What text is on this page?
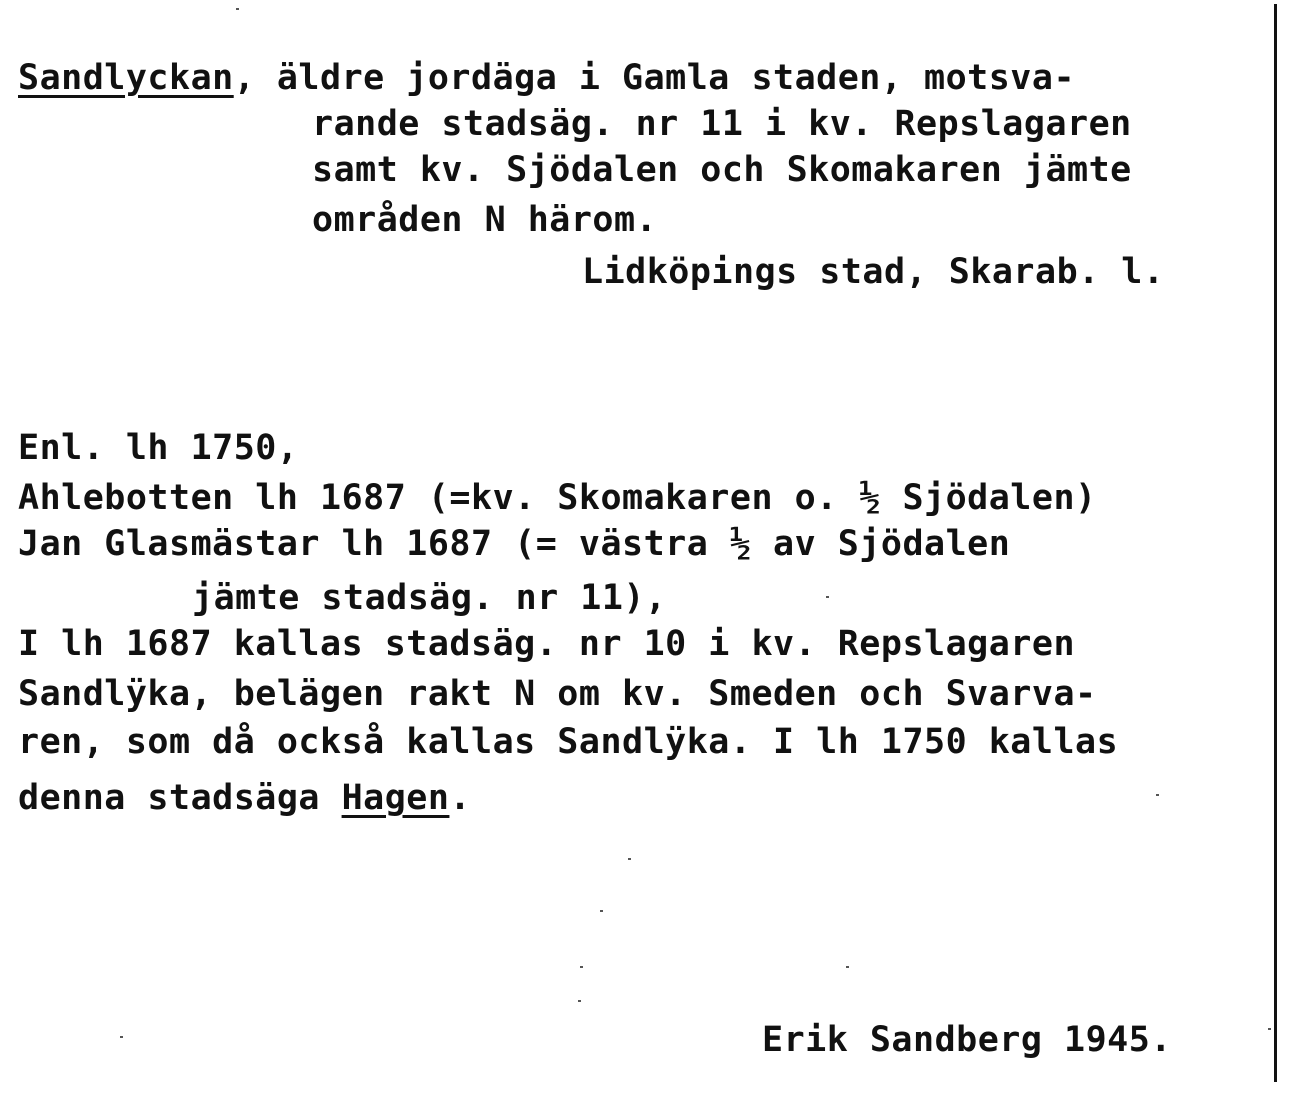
Sandlyckan, äldre jordäga i Gamla staden, motsva-
rande stadsäg. nr 11 i kv. Repslagaren
samt kv. Sjödalen och Skomakaren jämte
områden N härom.
Lidköpings stad, Skarab. l.
Enl. lh 1750,
Ahlebotten lh 1687 (=kv. Skomakaren o. ½ Sjödalen)
Jan Glasmästar lh 1687 (= västra ½ av Sjödalen
jämte stadsäg. nr 11),
I lh 1687 kallas stadsäg. nr 10 i kv. Repslagaren
Sandlÿka, belägen rakt N om kv. Smeden och Svarva-
ren, som då också kallas Sandlÿka. I lh 1750 kallas
denna stadsäga Hagen.
Erik Sandberg 1945.
